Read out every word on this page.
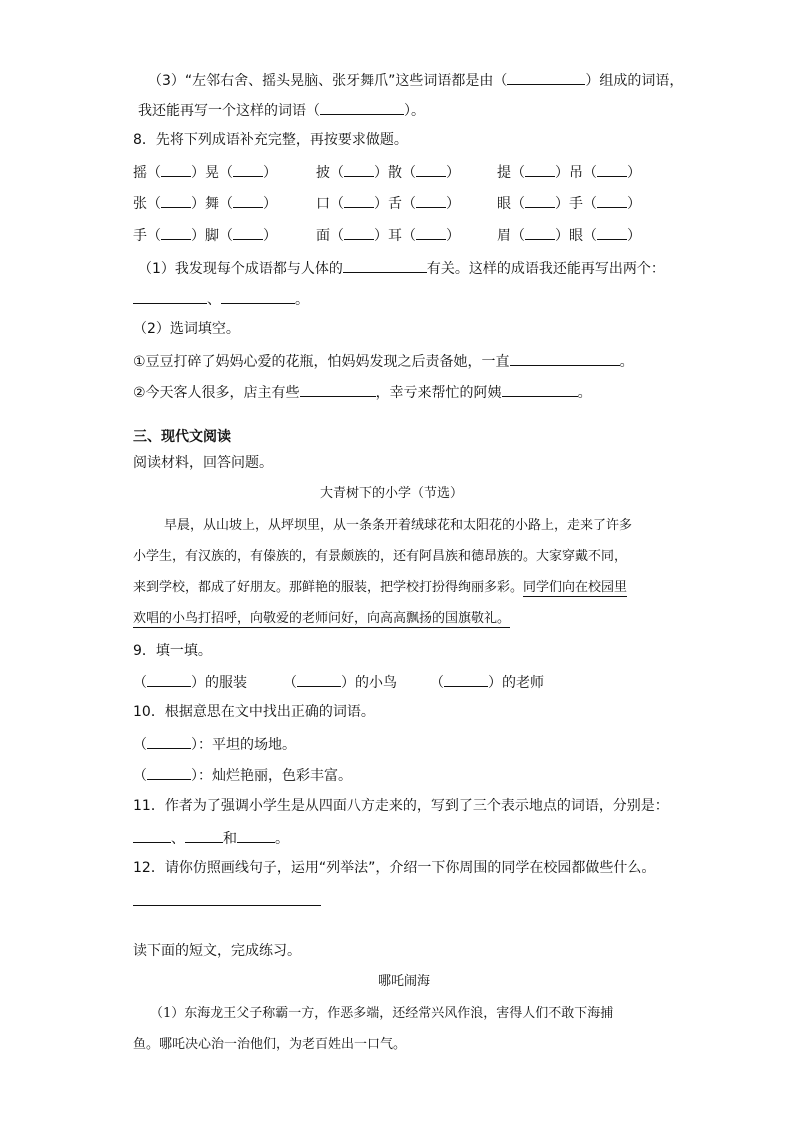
（3）“左邻右舍、摇头晃脑、张牙舞爪”这些词语都是由（	）组成的词语，
我还能再写一个这样的词语（	）。
8．先将下列成语补充完整，再按要求做题。
摇（ ）晃（ ）	披（ ）散（ ）	提（ ）吊（ ）
张（ ）舞（ ）	口（ ）舌（ ）	眼（ ）手（ ）
手（ ）脚（ ）	面（ ）耳（ ）	眉（ ）眼（ ）
（1）我发现每个成语都与人体的	有关。这样的成语我还能再写出两个：
、	。
（2）选词填空。
①豆豆打碎了妈妈心爱的花瓶，怕妈妈发现之后责备她，一直	。
②今天客人很多，店主有些	，幸亏来帮忙的阿姨	。
三、现代文阅读
阅读材料，回答问题。
大青树下的小学（节选）
早晨，从山坡上，从坪坝里，从一条条开着绒球花和太阳花的小路上，走来了许多
小学生，有汉族的，有傣族的，有景颇族的，还有阿昌族和德昂族的。大家穿戴不同，
来到学校，都成了好朋友。那鲜艳的服装，把学校打扮得绚丽多彩。同学们向在校园里
欢唱的小鸟打招呼，向敬爱的老师问好，向高高飘扬的国旗敬礼。
9．填一填。
（	）的服装	（	）的小鸟 （	）的老师
10．根据意思在文中找出正确的词语。
（	）：平坦的场地。
（	）：灿烂艳丽，色彩丰富。
11．作者为了强调小学生是从四面八方走来的，写到了三个表示地点的词语，分别是：
、	和	。
12．请你仿照画线句子，运用“列举法”，介绍一下你周围的同学在校园都做些什么。
读下面的短文，完成练习。
哪吒闹海
（1）东海龙王父子称霸一方，作恶多端，还经常兴风作浪，害得人们不敢下海捕
鱼。哪吒决心治一治他们，为老百姓出一口气。
